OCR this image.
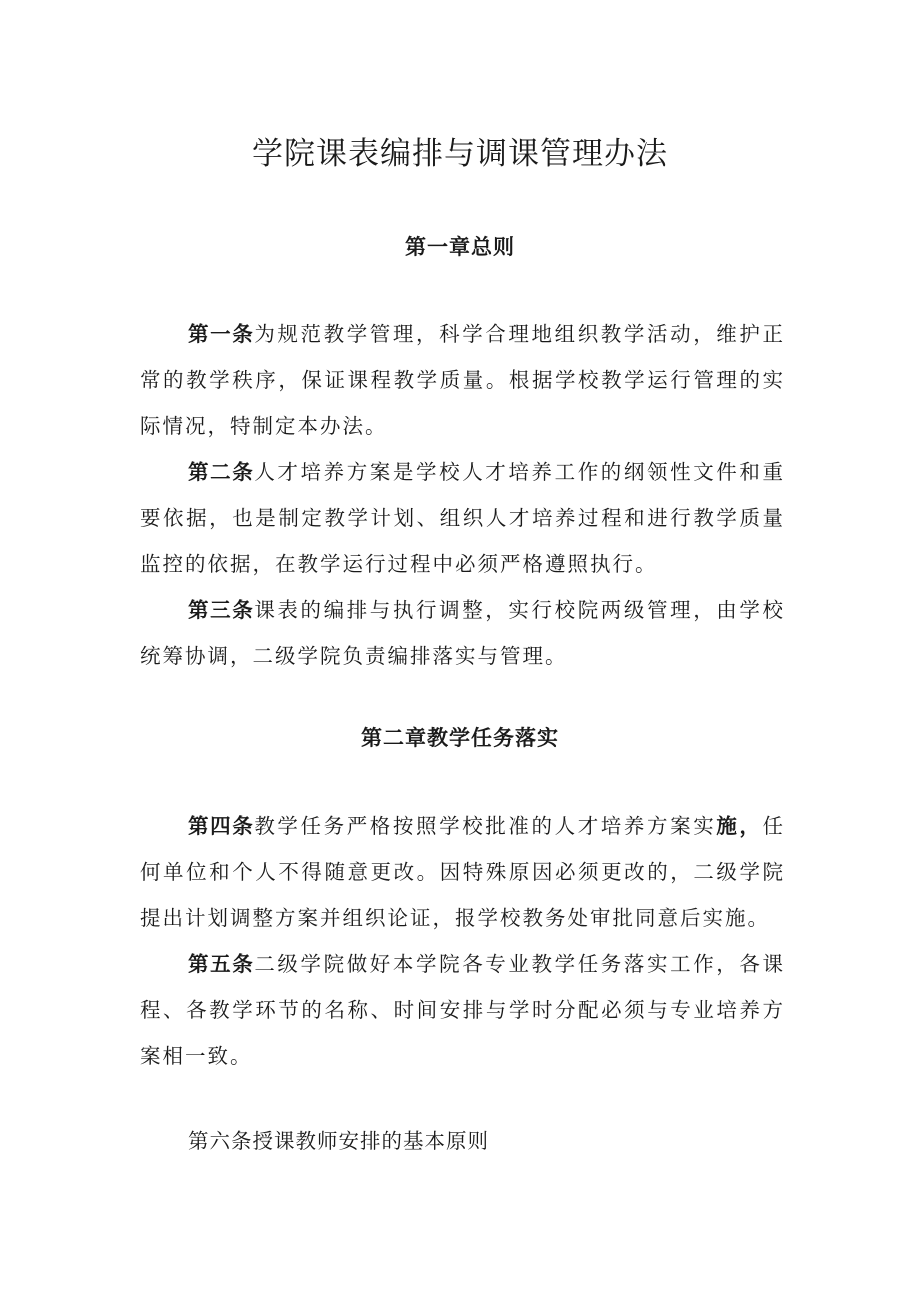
学院课表编排与调课管理办法
第一章总则

第一条为规范教学管理，科学合理地组织教学活动，维护正常的教学秩序，保证课程教学质量。根据学校教学运行管理的实际情况，特制定本办法。

第二条人才培养方案是学校人才培养工作的纲领性文件和重要依据，也是制定教学计划、组织人才培养过程和进行教学质量监控的依据，在教学运行过程中必须严格遵照执行。

第三条课表的编排与执行调整，实行校院两级管理，由学校统筹协调，二级学院负责编排落实与管理。

第二章教学任务落实

第四条教学任务严格按照学校批准的人才培养方案实施，任何单位和个人不得随意更改。因特殊原因必须更改的，二级学院提出计划调整方案并组织论证，报学校教务处审批同意后实施。

第五条二级学院做好本学院各专业教学任务落实工作，各课程、各教学环节的名称、时间安排与学时分配必须与专业培养方案相一致。

第六条授课教师安排的基本原则
